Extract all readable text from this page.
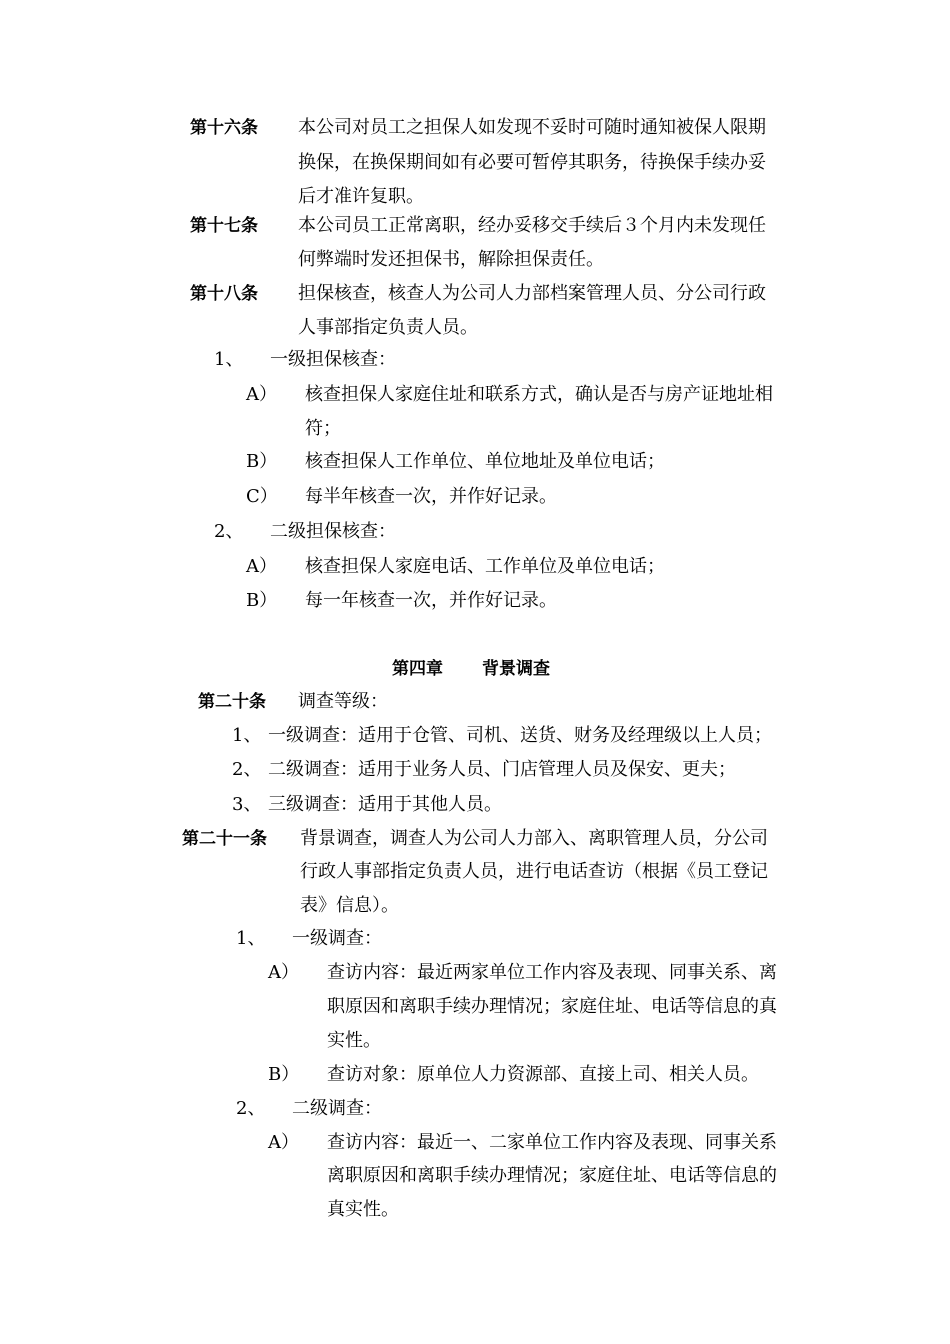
第十六条 本公司对员工之担保人如发现不妥时可随时通知被保人限期
换保，在换保期间如有必要可暂停其职务，待换保手续办妥
后才准许复职。
第十七条 本公司员工正常离职，经办妥移交手续后３个月内未发现任
何弊端时发还担保书，解除担保责任。
第十八条 担保核查，核查人为公司人力部档案管理人员、分公司行政
人事部指定负责人员。
1、 一级担保核查：
A） 核查担保人家庭住址和联系方式，确认是否与房产证地址相
符；
B） 核查担保人工作单位、单位地址及单位电话；
C） 每半年核查一次，并作好记录。
2、 二级担保核查：
A） 核查担保人家庭电话、工作单位及单位电话；
B） 每一年核查一次，并作好记录。
第四章 背景调查
第二十条 调查等级：
1、 一级调查：适用于仓管、司机、送货、财务及经理级以上人员；
2、 二级调查：适用于业务人员、门店管理人员及保安、更夫；
3、 三级调查：适用于其他人员。
第二十一条 背景调查，调查人为公司人力部入、离职管理人员，分公司
行政人事部指定负责人员，进行电话查访（根据《员工登记
表》信息）。
1、 一级调查：
A） 查访内容：最近两家单位工作内容及表现、同事关系、离
职原因和离职手续办理情况；家庭住址、电话等信息的真
实性。
B） 查访对象：原单位人力资源部、直接上司、相关人员。
2、 二级调查：
A） 查访内容：最近一、二家单位工作内容及表现、同事关系
离职原因和离职手续办理情况；家庭住址、电话等信息的
真实性。
